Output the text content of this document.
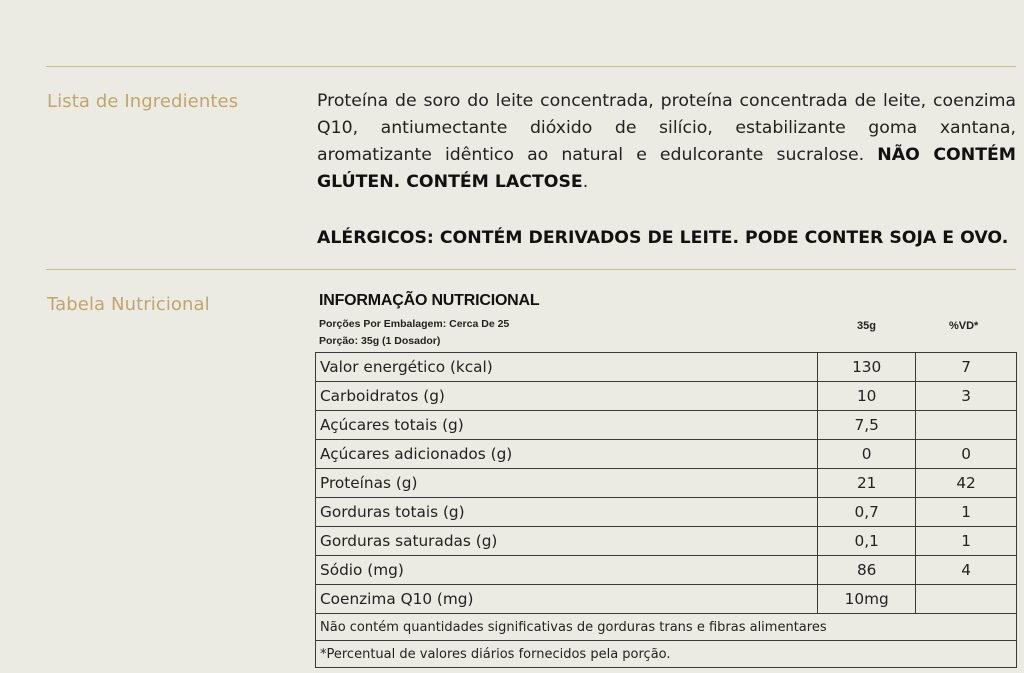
Lista de Ingredientes	Proteína de soro do leite concentrada, proteína concentrada de leite, coenzima Q10, antiumectante dióxido de silício, estabilizante goma xantana, aromatizante idêntico ao natural e edulcorante sucralose. NÃO CONTÉM GLÚTEN. CONTÉM LACTOSE.

ALÉRGICOS: CONTÉM DERIVADOS DE LEITE. PODE CONTER SOJA E OVO.
Tabela Nutricional	INFORMAÇÃO NUTRICIONAL
Porções Por Embalagem: Cerca De 25
Porção: 35g (1 Dosador)
35g	%VD*
Valor energético (kcal)	130	7
Carboidratos (g)	10	3
Açúcares totais (g)	7,5	
Açúcares adicionados (g)	0	0
Proteínas (g)	21	42
Gorduras totais (g)	0,7	1
Gorduras saturadas (g)	0,1	1
Sódio (mg)	86	4
Coenzima Q10 (mg)	10mg	
Não contém quantidades significativas de gorduras trans e fibras alimentares		
*Percentual de valores diários fornecidos pela porção.		
